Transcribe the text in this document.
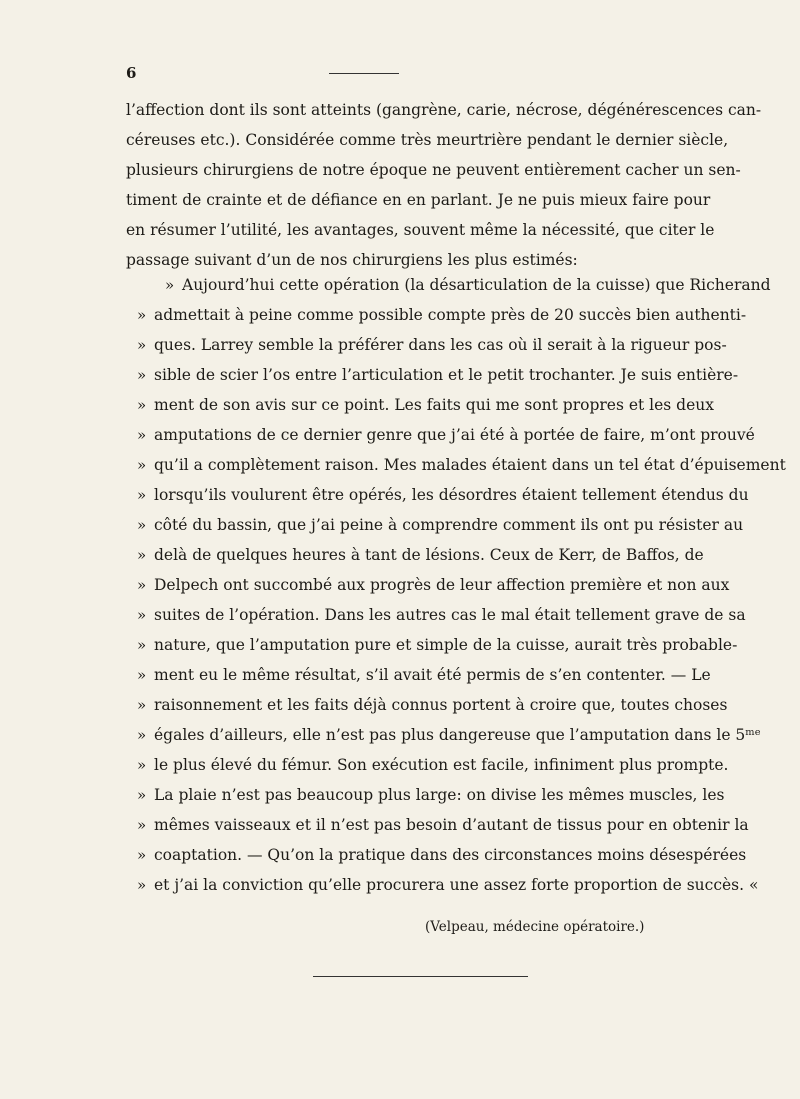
6
l’affection dont ils sont atteints (gangrène, carie, nécrose, dégénérescences can-
céreuses etc.). Considérée comme très meurtrière pendant le dernier siècle,
plusieurs chirurgiens de notre époque ne peuvent entièrement cacher un sen-
timent de crainte et de défiance en en parlant. Je ne puis mieux faire pour
en résumer l’utilité, les avantages, souvent même la nécessité, que citer le
passage suivant d’un de nos chirurgiens les plus estimés:
»
»
»
»
»
»
»
»
»
»
»
»
»
»
»
»
»
»
»
»
»
Aujourd’hui cette opération (la désarticulation de la cuisse) que Richerand
admettait à peine comme possible compte près de 20 succès bien authenti-
ques. Larrey semble la préférer dans les cas où il serait à la rigueur pos-
sible de scier l’os entre l’articulation et le petit trochanter. Je suis entière-
ment de son avis sur ce point. Les faits qui me sont propres et les deux
amputations de ce dernier genre que j’ai été à portée de faire, m’ont prouvé
qu’il a complètement raison. Mes malades étaient dans un tel état d’épuisement
lorsqu’ils voulurent être opérés, les désordres étaient tellement étendus du
côté du bassin, que j’ai peine à comprendre comment ils ont pu résister au
delà de quelques heures à tant de lésions. Ceux de Kerr, de Baffos, de
Delpech ont succombé aux progrès de leur affection première et non aux
suites de l’opération. Dans les autres cas le mal était tellement grave de sa
nature, que l’amputation pure et simple de la cuisse, aurait très probable-
ment eu le même résultat, s’il avait été permis de s’en contenter. — Le
raisonnement et les faits déjà connus portent à croire que, toutes choses
égales d’ailleurs, elle n’est pas plus dangereuse que l’amputation dans le 5ᵐᵉ
le plus élevé du fémur. Son exécution est facile, infiniment plus prompte.
La plaie n’est pas beaucoup plus large: on divise les mêmes muscles, les
mêmes vaisseaux et il n’est pas besoin d’autant de tissus pour en obtenir la
coaptation. — Qu’on la pratique dans des circonstances moins désespérées
et j’ai la conviction qu’elle procurera une assez forte proportion de succès. «
(Velpeau, médecine opératoire.)
